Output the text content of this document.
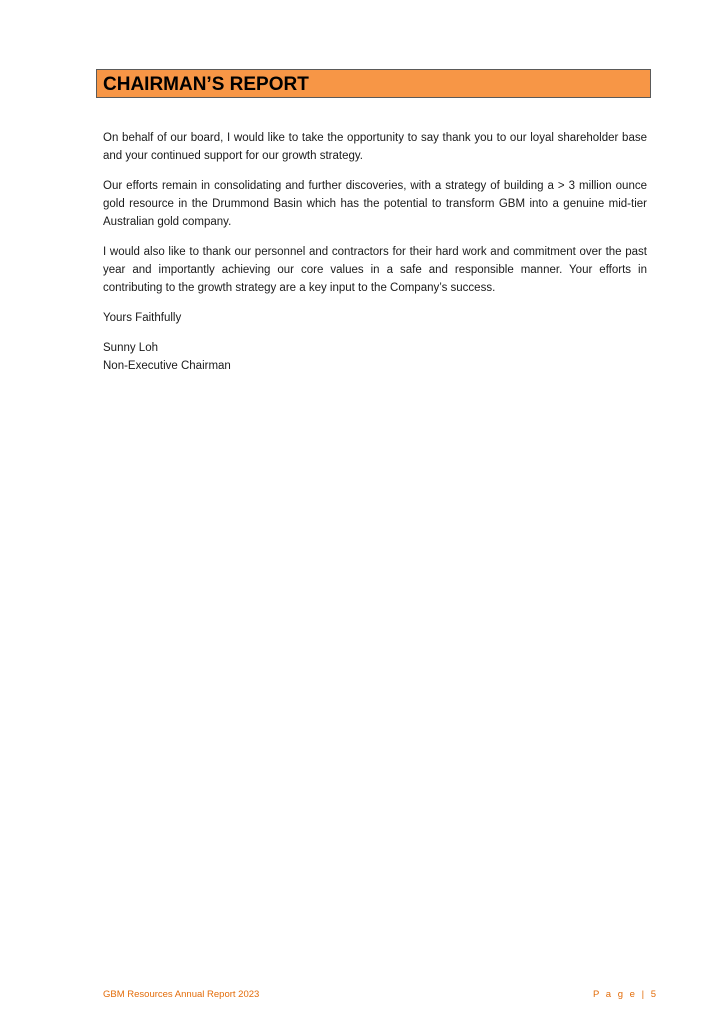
CHAIRMAN’S REPORT

On behalf of our board, I would like to take the opportunity to say thank you to our loyal shareholder base and your continued support for our growth strategy.

Our efforts remain in consolidating and further discoveries, with a strategy of building a > 3 million ounce gold resource in the Drummond Basin which has the potential to transform GBM into a genuine mid-tier Australian gold company.

I would also like to thank our personnel and contractors for their hard work and commitment over the past year and importantly achieving our core values in a safe and responsible manner. Your efforts in contributing to the growth strategy are a key input to the Company’s success.

Yours Faithfully

Sunny Loh
Non-Executive Chairman

GBM Resources Annual Report 2023	P a g e | 5
